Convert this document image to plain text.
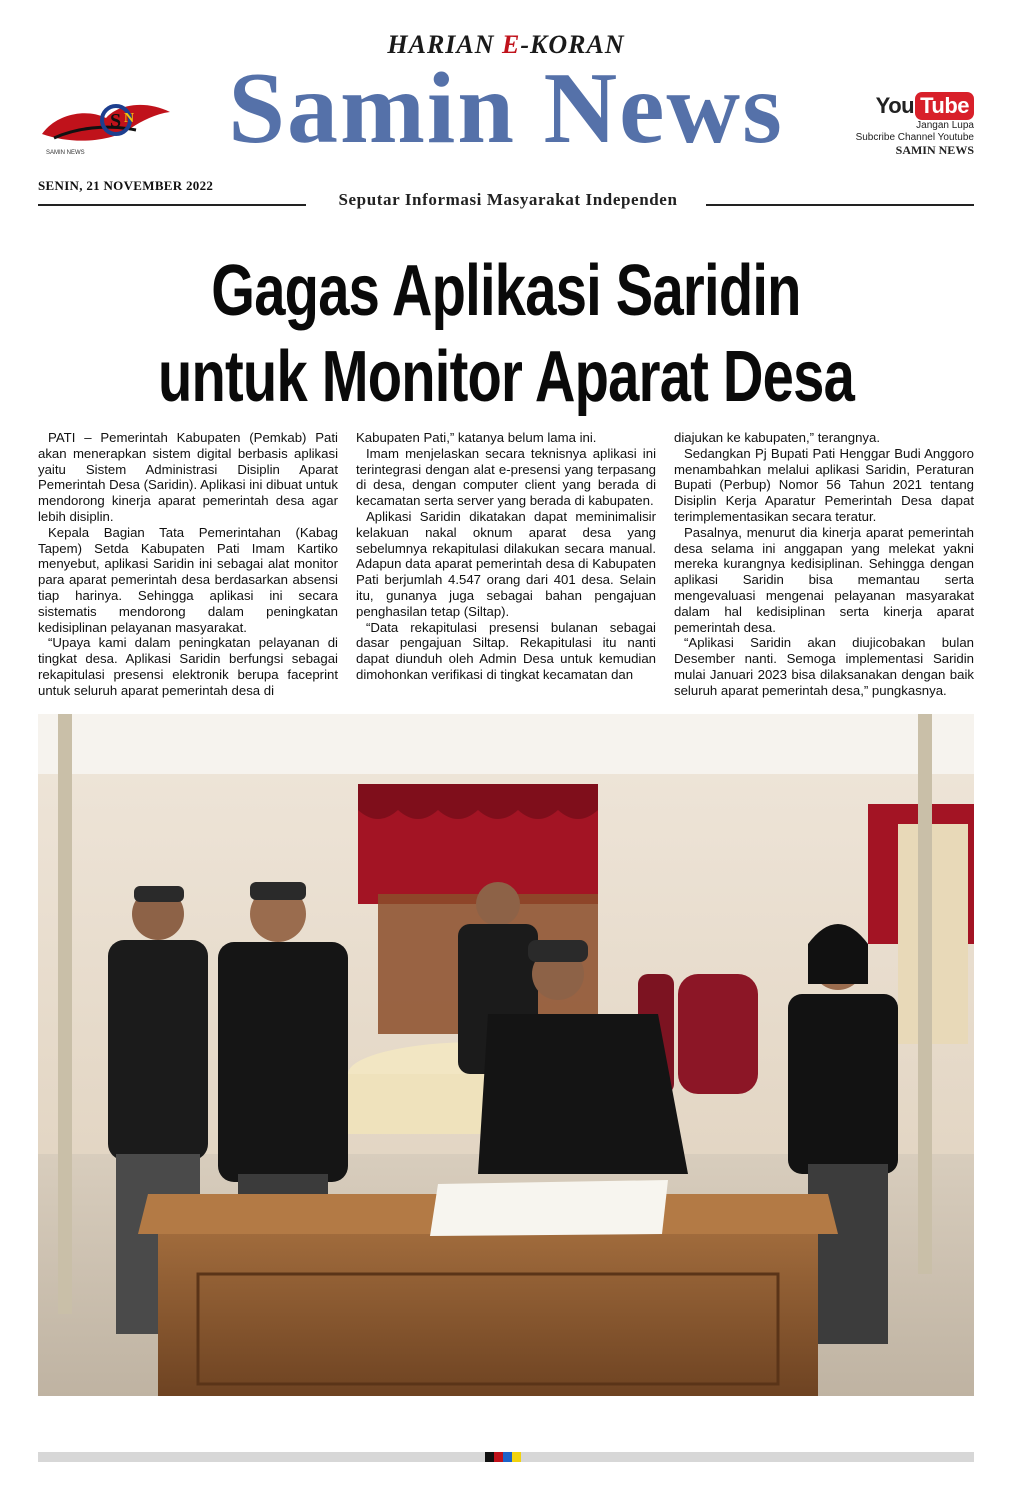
HARIAN E-KORAN
S N
SAMIN NEWS	Samin News	You Tube
Jangan Lupa
Subcribe Channel Youtube
SAMIN NEWS
SENIN, 21 NOVEMBER 2022
Seputar Informasi Masyarakat Independen
Gagas Aplikasi Saridin
untuk Monitor Aparat Desa

PATI – Pemerintah Kabupaten (Pemkab) Pati akan menerapkan sistem digital berbasis aplikasi yaitu Sistem Administrasi Disiplin Aparat Pemerintah Desa (Saridin). Aplikasi ini dibuat untuk mendorong kinerja aparat pemerintah desa agar lebih disiplin.

Kepala Bagian Tata Pemerintahan (Kabag Tapem) Setda Kabupaten Pati Imam Kartiko menyebut, aplikasi Saridin ini sebagai alat monitor para aparat pemerintah desa berdasarkan absensi tiap harinya. Sehingga aplikasi ini secara sistematis mendorong dalam peningkatan kedisiplinan pelayanan masyarakat.

“Upaya kami dalam peningkatan pelayanan di tingkat desa. Aplikasi Saridin berfungsi sebagai rekapitulasi presensi elektronik berupa faceprint untuk seluruh aparat pemerintah desa di

Kabupaten Pati,” katanya belum lama ini.

Imam menjelaskan secara teknisnya aplikasi ini terintegrasi dengan alat e-presensi yang terpasang di desa, dengan computer client yang berada di kecamatan serta server yang berada di kabupaten.

Aplikasi Saridin dikatakan dapat meminimalisir kelakuan nakal oknum aparat desa yang sebelumnya rekapitulasi dilakukan secara manual. Adapun data aparat pemerintah desa di Kabupaten Pati berjumlah 4.547 orang dari 401 desa. Selain itu, gunanya juga sebagai bahan pengajuan penghasilan tetap (Siltap).

“Data rekapitulasi presensi bulanan sebagai dasar pengajuan Siltap. Rekapitulasi itu nanti dapat diunduh oleh Admin Desa untuk kemudian dimohonkan verifikasi di tingkat kecamatan dan

diajukan ke kabupaten,” terangnya.

Sedangkan Pj Bupati Pati Henggar Budi Anggoro menambahkan melalui aplikasi Saridin, Peraturan Bupati (Perbup) Nomor 56 Tahun 2021 tentang Disiplin Kerja Aparatur Pemerintah Desa dapat terimplementasikan secara teratur.

Pasalnya, menurut dia kinerja aparat pemerintah desa selama ini anggapan yang melekat yakni mereka kurangnya kedisiplinan. Sehingga dengan aplikasi Saridin bisa memantau serta mengevaluasi mengenai pelayanan masyarakat dalam hal kedisiplinan serta kinerja aparat pemerintah desa.

“Aplikasi Saridin akan diujicobakan bulan Desember nanti. Semoga implementasi Saridin mulai Januari 2023 bisa dilaksanakan dengan baik seluruh aparat pemerintah desa,” pungkasnya.
